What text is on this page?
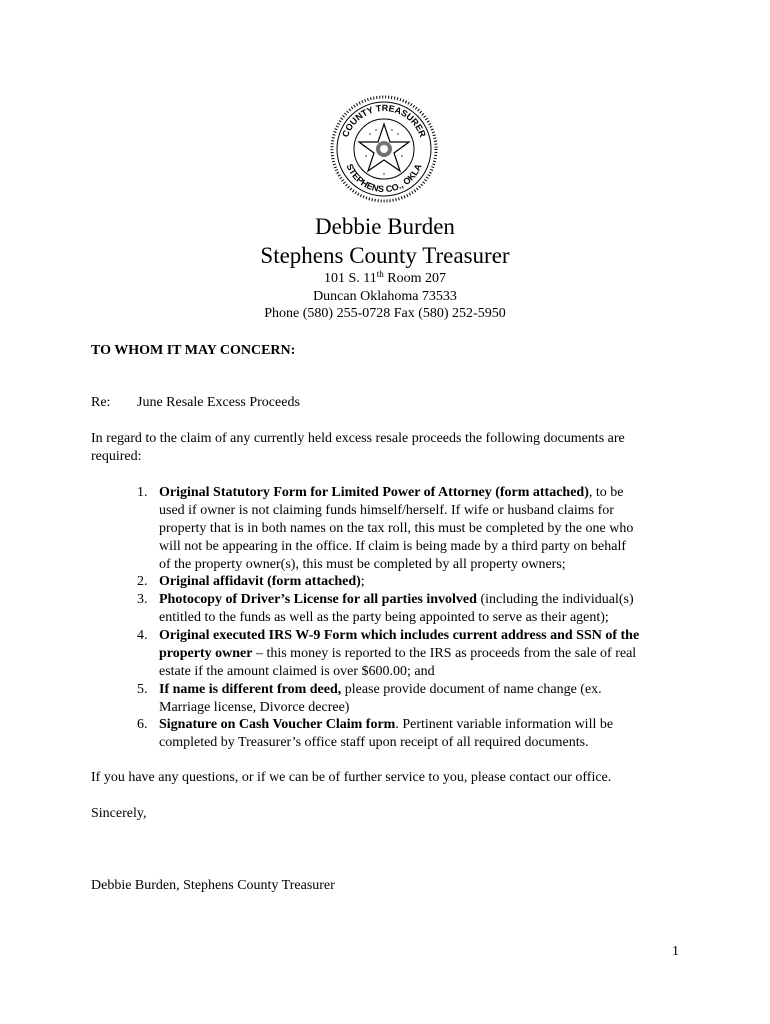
COUNTY TREASURER
STEPHENS CO., OKLA
Debbie Burden
Stephens County Treasurer
101 S. 11th Room 207
Duncan Oklahoma 73533
Phone (580) 255-0728 Fax (580) 252-5950
TO WHOM IT MAY CONCERN:
Re: June Resale Excess Proceeds
In regard to the claim of any currently held excess resale proceeds the following documents are
required:
1. Original Statutory Form for Limited Power of Attorney (form attached), to be
used if owner is not claiming funds himself/herself. If wife or husband claims for
property that is in both names on the tax roll, this must be completed by the one who
will not be appearing in the office. If claim is being made by a third party on behalf
of the property owner(s), this must be completed by all property owners;
2. Original affidavit (form attached);
3. Photocopy of Driver’s License for all parties involved (including the individual(s)
entitled to the funds as well as the party being appointed to serve as their agent);
4. Original executed IRS W-9 Form which includes current address and SSN of the
property owner – this money is reported to the IRS as proceeds from the sale of real
estate if the amount claimed is over $600.00; and
5. If name is different from deed, please provide document of name change (ex.
Marriage license, Divorce decree)
6. Signature on Cash Voucher Claim form. Pertinent variable information will be
completed by Treasurer’s office staff upon receipt of all required documents.
If you have any questions, or if we can be of further service to you, please contact our office.
Sincerely,
Debbie Burden, Stephens County Treasurer
1
